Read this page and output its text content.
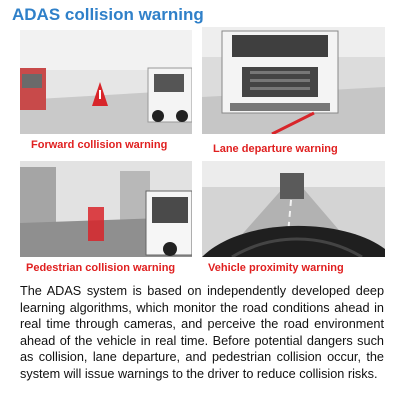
ADAS collision warning
Forward collision warning	Lane departure warning
Pedestrian collision warning	Vehicle proximity warning
The ADAS system is based on independently developed deep learning algorithms, which monitor the road conditions ahead in real time through cameras, and perceive the road environment ahead of the vehicle in real time. Before potential dangers such as collision, lane departure, and pedestrian collision occur, the system will issue warnings to the driver to reduce collision risks.
